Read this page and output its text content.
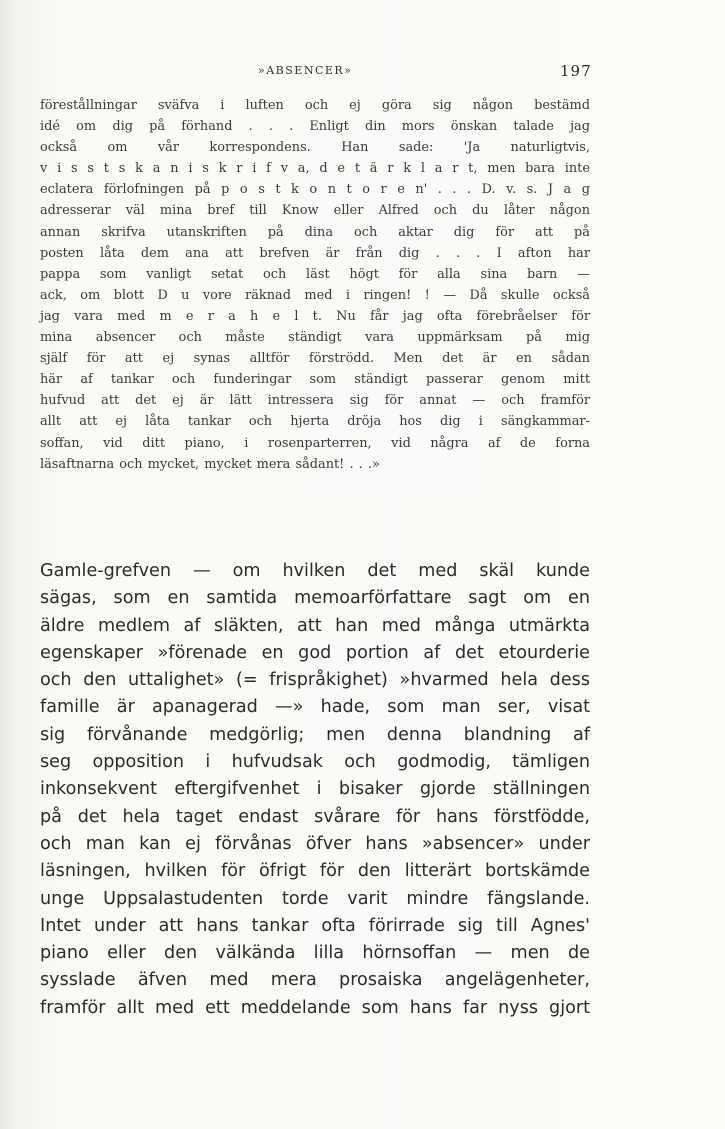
»ABSENCER»	197
förestållningar sväfva i luften och ej göra sig någon bestämd
idé om dig på förhand . . . Enligt din mors önskan talade jag
också om vår korrespondens. Han sade: 'Ja naturligtvis,
v i s s t s k a n i s k r i f v a, d e t ä r k l a r t, men bara inte
eclatera förlofningen på p o s t k o n t o r e n' . . . D. v. s. J a g
adresserar väl mina bref till Know eller Alfred och du låter någon
annan skrifva utanskriften på dina och aktar dig för att på
posten låta dem ana att brefven är från dig . . . I afton har
pappa som vanligt setat och läst högt för alla sina barn —
ack, om blott D u vore räknad med i ringen! ! — Då skulle också
jag vara med m e r a h e l t. Nu får jag ofta förebråelser för
mina absencer och måste ständigt vara uppmärksam på mig
själf för att ej synas alltför förströdd. Men det är en sådan
här af tankar och funderingar som ständigt passerar genom mitt
hufvud att det ej är lätt intressera sig för annat — och framför
allt att ej låta tankar och hjerta dröja hos dig i sängkammar-
soffan, vid ditt piano, i rosenparterren, vid några af de forna
läsaftnarna och mycket, mycket mera sådant! . . .»
Gamle-grefven — om hvilken det med skäl kunde
sägas, som en samtida memoarförfattare sagt om en
äldre medlem af släkten, att han med många utmärkta
egenskaper »förenade en god portion af det etourderie
och den uttalighet» (= frispråkighet) »hvarmed hela dess
famille är apanagerad —» hade, som man ser, visat
sig förvånande medgörlig; men denna blandning af
seg opposition i hufvudsak och godmodig, tämligen
inkonsekvent eftergifvenhet i bisaker gjorde ställningen
på det hela taget endast svårare för hans förstfödde,
och man kan ej förvånas öfver hans »absencer» under
läsningen, hvilken för öfrigt för den litterärt bortskämde
unge Uppsalastudenten torde varit mindre fängslande.
Intet under att hans tankar ofta förirrade sig till Agnes'
piano eller den välkända lilla hörnsoffan — men de
sysslade äfven med mera prosaiska angelägenheter,
framför allt med ett meddelande som hans far nyss gjort
